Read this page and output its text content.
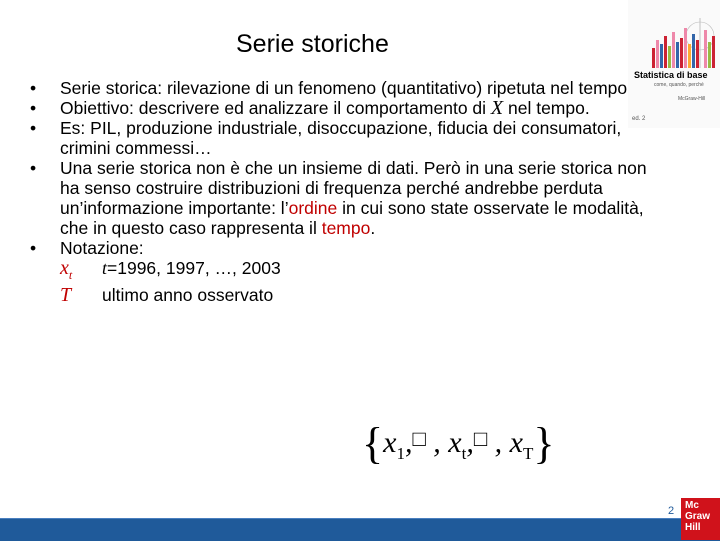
Serie storiche
• Serie storica: rilevazione di un fenomeno (quantitativo) ripetuta nel tempo
• Obiettivo: descrivere ed analizzare il comportamento di X nel tempo.
• Es: PIL, produzione industriale, disoccupazione, fiducia dei consumatori, crimini commessi…
• Una serie storica non è che un insieme di dati. Però in una serie storica non ha senso costruire distribuzioni di frequenza perché andrebbe perduta un’informazione importante: l’ordine in cui sono state osservate le modalità, che in questo caso rappresenta il tempo.
• Notazione:
$x_t$	t=1996, 1997, …, 2003
T	ultimo anno osservato
{$x_1,^□$ , $x_t,^□$ , $x_T$}
Statistica di base
come, quando, perché
McGraw-Hill
ed. 2
2 Mc
Graw
Hill
